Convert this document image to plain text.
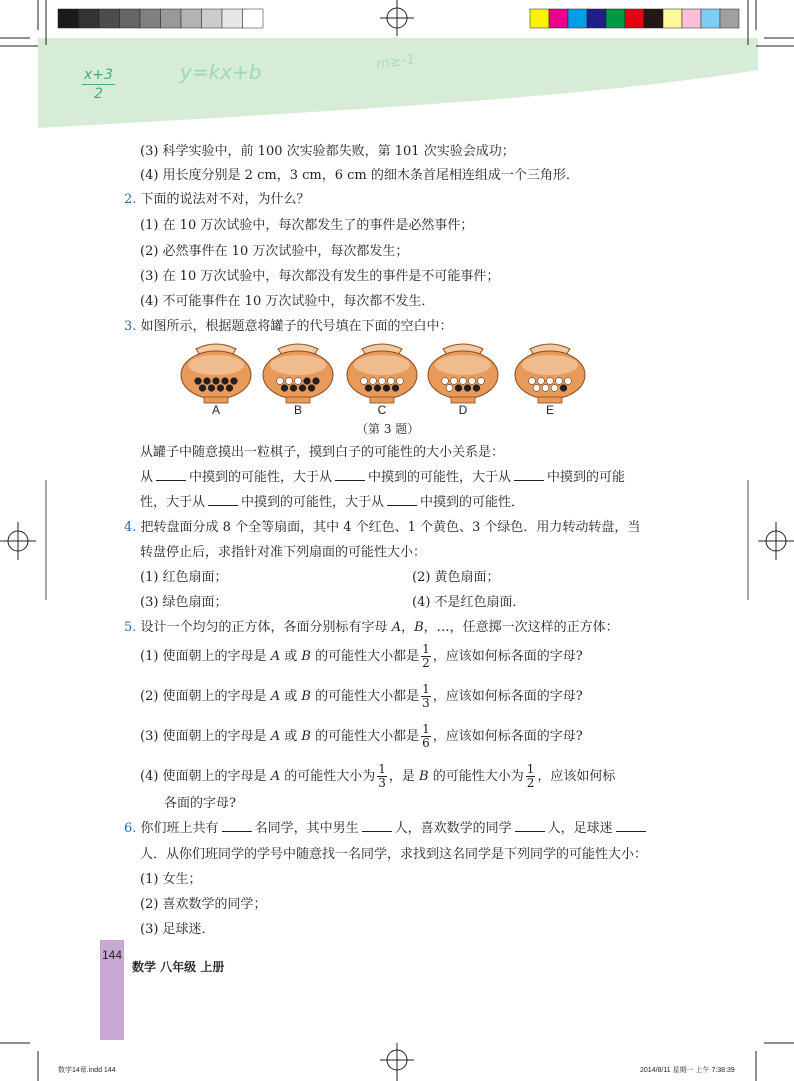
$\frac{x+3}{2}$	y=kx+b	m≥-1
(3) 科学实验中，前 100 次实验都失败，第 101 次实验会成功；
(4) 用长度分别是 2 cm，3 cm，6 cm 的细木条首尾相连组成一个三角形．
2. 下面的说法对不对，为什么？
(1) 在 10 万次试验中，每次都发生了的事件是必然事件；
(2) 必然事件在 10 万次试验中，每次都发生；
(3) 在 10 万次试验中，每次都没有发生的事件是不可能事件；
(4) 不可能事件在 10 万次试验中，每次都不发生．
3. 如图所示，根据题意将罐子的代号填在下面的空白中：
A	B	C	D	E
（第 3 题）
从罐子中随意摸出一粒棋子，摸到白子的可能性的大小关系是：
从	中摸到的可能性，大于从	中摸到的可能性，大于从	中摸到的可能
性，大于从	中摸到的可能性，大于从	中摸到的可能性．
4. 把转盘面分成 8 个全等扇面，其中 4 个红色、1 个黄色、3 个绿色．用力转动转盘，当
转盘停止后，求指针对准下列扇面的可能性大小：
(1) 红色扇面；	(2) 黄色扇面；
(3) 绿色扇面；	(4) 不是红色扇面．
5. 设计一个均匀的正方体，各面分别标有字母 A，B，…，任意掷一次这样的正方体：
(1) 使面朝上的字母是 A 或 B 的可能性大小都是 $\frac{1}{2}$ ，应该如何标各面的字母?
(2) 使面朝上的字母是 A 或 B 的可能性大小都是 $\frac{1}{3}$ ，应该如何标各面的字母?
(3) 使面朝上的字母是 A 或 B 的可能性大小都是 $\frac{1}{6}$ ，应该如何标各面的字母?
(4) 使面朝上的字母是 A 的可能性大小为 $\frac{1}{3}$ ，是 B 的可能性大小为 $\frac{1}{2}$ ，应该如何标
各面的字母?
6. 你们班上共有	名同学，其中男生	人，喜欢数学的同学	人，足球迷
人．从你们班同学的学号中随意找一名同学，求找到这名同学是下列同学的可能性大小：
(1) 女生；
(2) 喜欢数学的同学；
(3) 足球迷．
144
数学 八年级 上册
数学14章.indd 144	2014/8/11 星期一 上午 7:38:39
